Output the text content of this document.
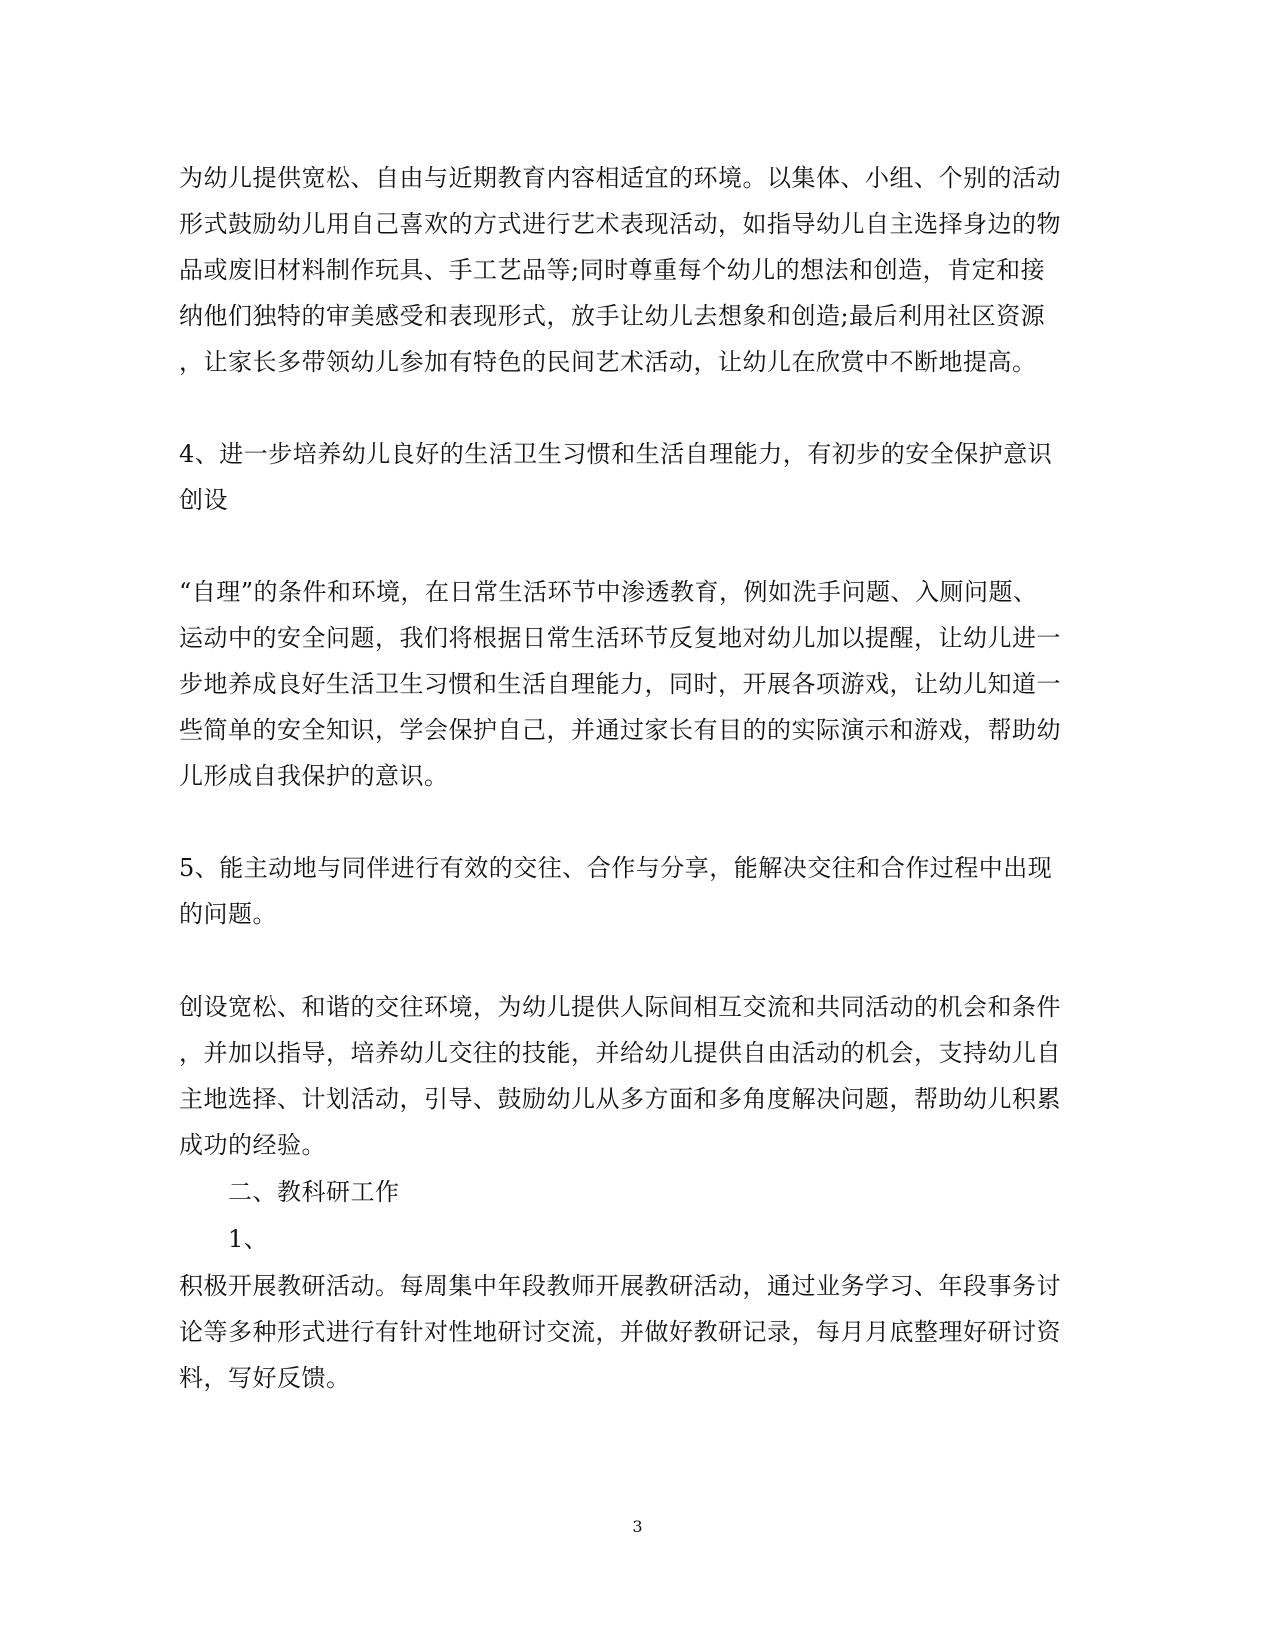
为幼儿提供宽松、自由与近期教育内容相适宜的环境。以集体、小组、个别的活动
形式鼓励幼儿用自己喜欢的方式进行艺术表现活动，如指导幼儿自主选择身边的物
品或废旧材料制作玩具、手工艺品等;同时尊重每个幼儿的想法和创造，肯定和接
纳他们独特的审美感受和表现形式，放手让幼儿去想象和创造;最后利用社区资源
，让家长多带领幼儿参加有特色的民间艺术活动，让幼儿在欣赏中不断地提高。
4、进一步培养幼儿良好的生活卫生习惯和生活自理能力，有初步的安全保护意识
创设
“自理”的条件和环境，在日常生活环节中渗透教育，例如洗手问题、入厕问题、
运动中的安全问题，我们将根据日常生活环节反复地对幼儿加以提醒，让幼儿进一
步地养成良好生活卫生习惯和生活自理能力，同时，开展各项游戏，让幼儿知道一
些简单的安全知识，学会保护自己，并通过家长有目的的实际演示和游戏，帮助幼
儿形成自我保护的意识。
5、能主动地与同伴进行有效的交往、合作与分享，能解决交往和合作过程中出现
的问题。
创设宽松、和谐的交往环境，为幼儿提供人际间相互交流和共同活动的机会和条件
，并加以指导，培养幼儿交往的技能，并给幼儿提供自由活动的机会，支持幼儿自
主地选择、计划活动，引导、鼓励幼儿从多方面和多角度解决问题，帮助幼儿积累
成功的经验。
二、教科研工作
1、
积极开展教研活动。每周集中年段教师开展教研活动，通过业务学习、年段事务讨
论等多种形式进行有针对性地研讨交流，并做好教研记录，每月月底整理好研讨资
料，写好反馈。
3
